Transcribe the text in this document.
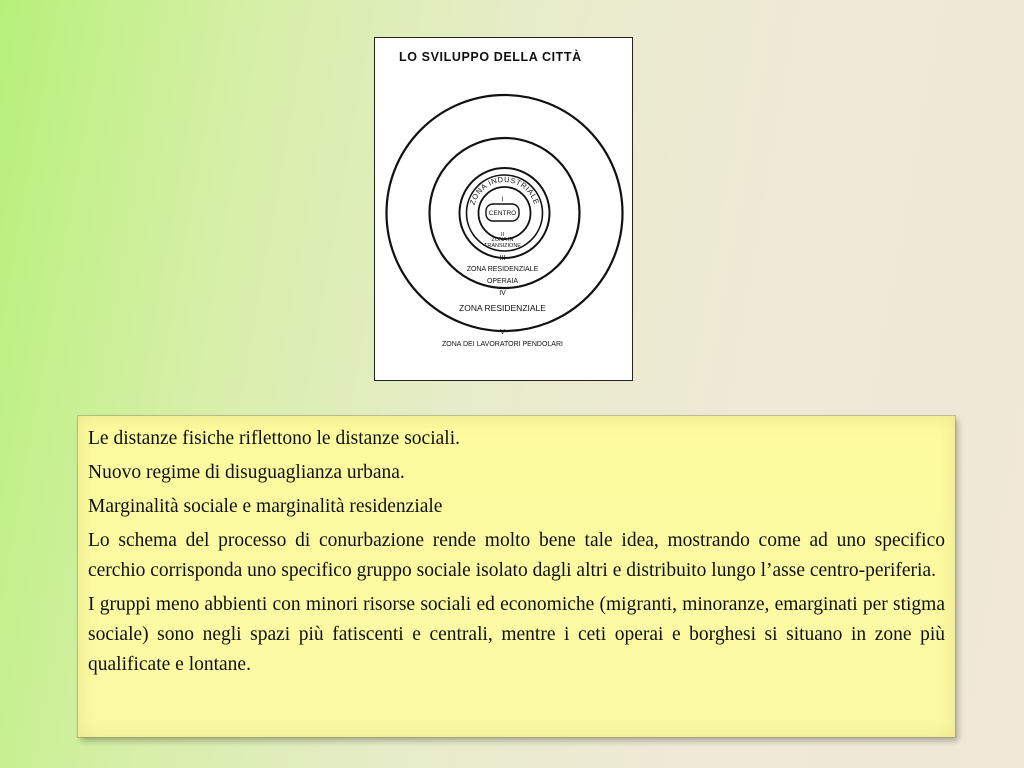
LO SVILUPPO DELLA CITTÀ
ZONA INDUSTRIALE
I
CENTRO
II
ZONA IN
TRANSIZIONE
III
ZONA RESIDENZIALE
OPERAIA
IV
ZONA RESIDENZIALE
V
ZONA DEI LAVORATORI PENDOLARI

Le distanze fisiche riflettono le distanze sociali.

Nuovo regime di disuguaglianza urbana.

Marginalità sociale e marginalità residenziale

Lo schema del processo di conurbazione rende molto bene tale idea, mostrando come ad uno specifico cerchio corrisponda uno specifico gruppo sociale isolato dagli altri e distribuito lungo l’asse centro-periferia.

I gruppi meno abbienti con minori risorse sociali ed economiche (migranti, minoranze, emarginati per stigma sociale) sono negli spazi più fatiscenti e centrali, mentre i ceti operai e borghesi si situano in zone più qualificate e lontane.
